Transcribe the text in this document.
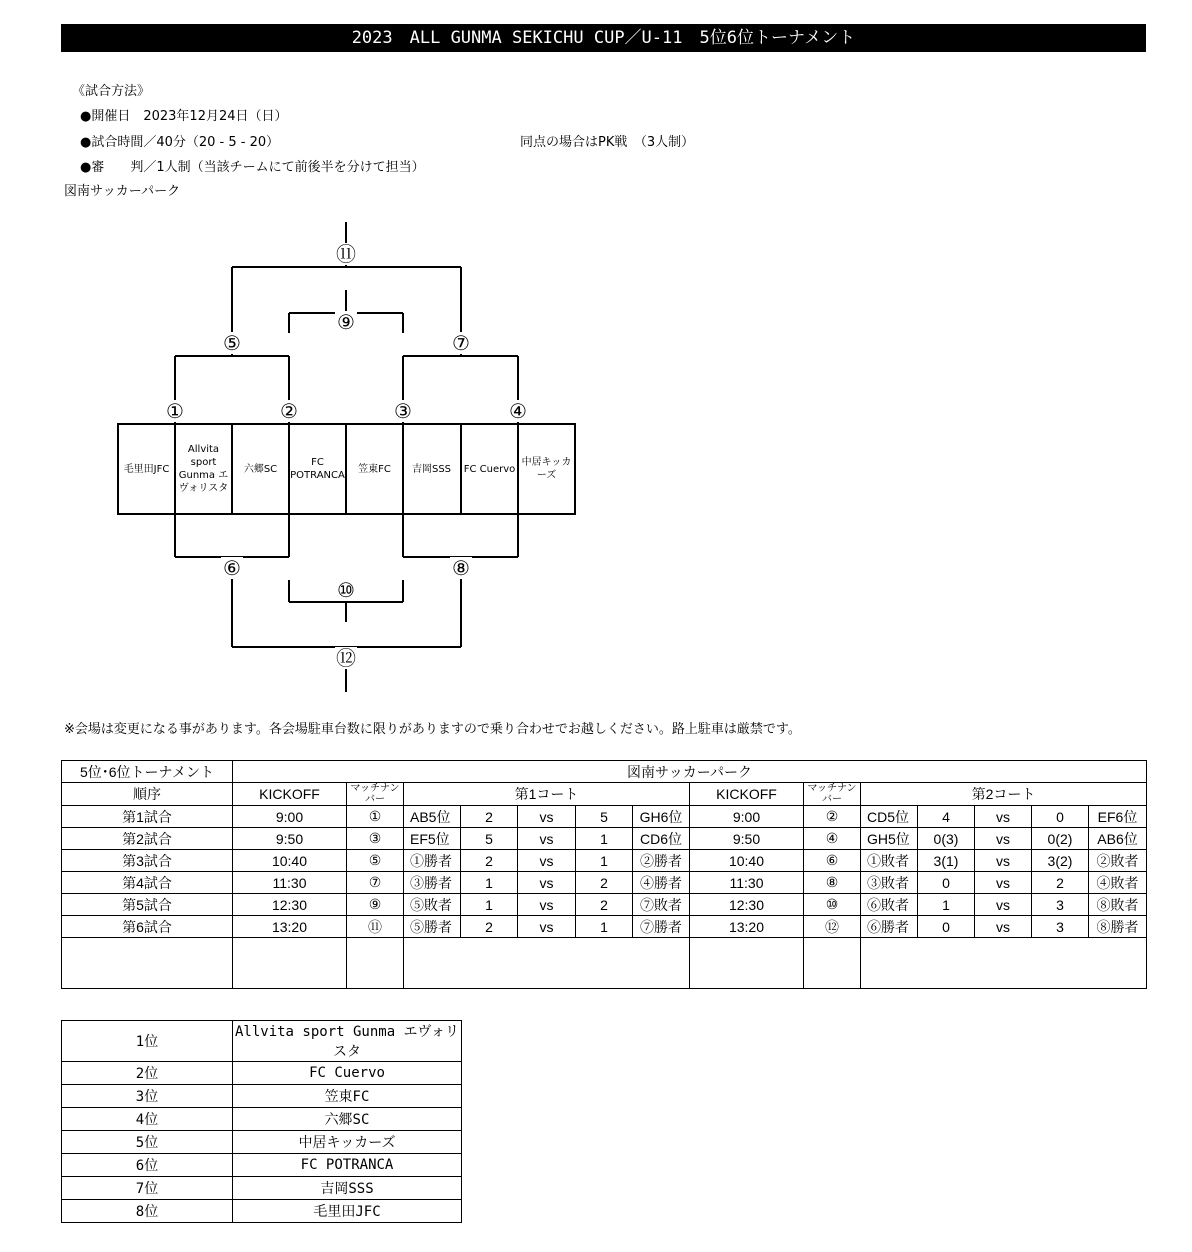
2023　ALL GUNMA SEKICHU CUP／U-11　5位6位トーナメント
《試合方法》
●開催日　2023年12月24日（日）
●試合時間／40分（20 - 5 - 20）	同点の場合はPK戦　（3人制）
●審　　判／1人制（当該チームにて前後半を分けて担当）
図南サッカーパーク
⑪
⑨
⑤	⑦
①	②	③	④
⑥	⑧
⑩
⑫
毛里田JFC
Allvita sport Gunma エヴォリスタ
六郷SC
FC POTRANCA
笠東FC	吉岡SSS	FC Cuervo
中居キッカーズ
※会場は変更になる事があります。各会場駐車台数に限りがありますので乗り合わせでお越しください。路上駐車は厳禁です。
5位･6位トーナメント	図南サッカーパーク													
順序	KICKOFF	マッチナンバー	第1コート					KICKOFF	マッチナンバー	第2コート				
第1試合	9:00	①	AB5位	2	vs	5	GH6位	9:00	②	CD5位	4	vs	0	EF6位
第2試合	9:50	③	EF5位	5	vs	1	CD6位	9:50	④	GH5位	0(3)	vs	0(2)	AB6位
第3試合	10:40	⑤	①勝者	2	vs	1	②勝者	10:40	⑥	①敗者	3(1)	vs	3(2)	②敗者
第4試合	11:30	⑦	③勝者	1	vs	2	④勝者	11:30	⑧	③敗者	0	vs	2	④敗者
第5試合	12:30	⑨	⑤敗者	1	vs	2	⑦敗者	12:30	⑩	⑥敗者	1	vs	3	⑧敗者
第6試合	13:20	⑪	⑤勝者	2	vs	1	⑦勝者	13:20	⑫	⑥勝者	0	vs	3	⑧勝者

1位	Allvita sport Gunma エヴォリスタ
2位	FC Cuervo
3位	笠東FC
4位	六郷SC
5位	中居キッカーズ
6位	FC POTRANCA
7位	吉岡SSS
8位	毛里田JFC
